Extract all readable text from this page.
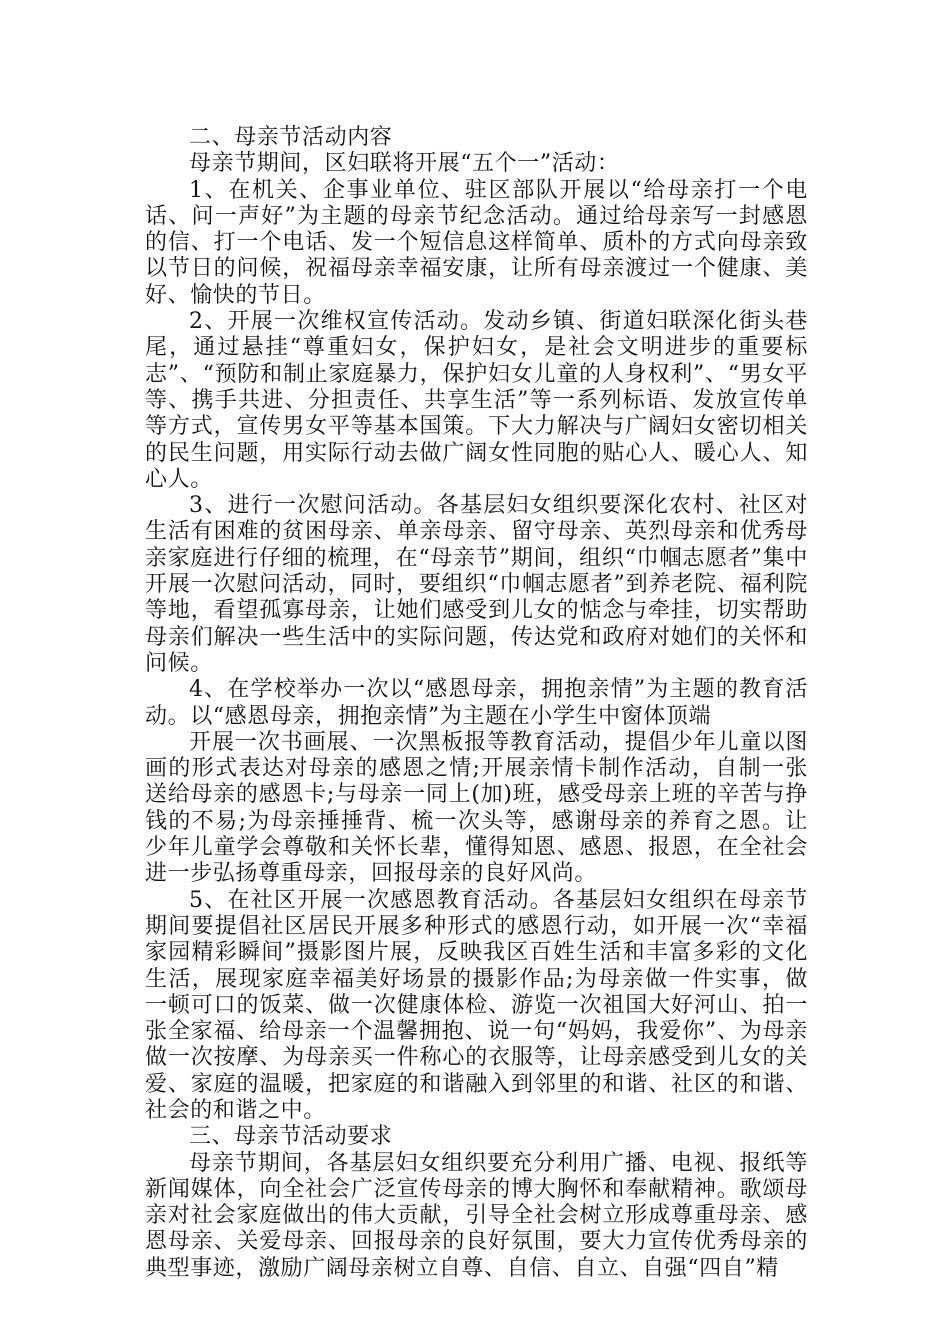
二、母亲节活动内容

母亲节期间，区妇联将开展“五个一”活动：

1、在机关、企事业单位、驻区部队开展以“给母亲打一个电话、问一声好”为主题的母亲节纪念活动。通过给母亲写一封感恩的信、打一个电话、发一个短信息这样简单、质朴的方式向母亲致以节日的问候，祝福母亲幸福安康，让所有母亲渡过一个健康、美好、愉快的节日。

2、开展一次维权宣传活动。发动乡镇、街道妇联深化街头巷尾，通过悬挂“尊重妇女，保护妇女，是社会文明进步的重要标志”、“预防和制止家庭暴力，保护妇女儿童的人身权利”、“男女平等、携手共进、分担责任、共享生活”等一系列标语、发放宣传单等方式，宣传男女平等基本国策。下大力解决与广阔妇女密切相关的民生问题，用实际行动去做广阔女性同胞的贴心人、暖心人、知心人。

3、进行一次慰问活动。各基层妇女组织要深化农村、社区对生活有困难的贫困母亲、单亲母亲、留守母亲、英烈母亲和优秀母亲家庭进行仔细的梳理，在“母亲节”期间，组织“巾帼志愿者”集中开展一次慰问活动，同时，要组织“巾帼志愿者”到养老院、福利院等地，看望孤寡母亲，让她们感受到儿女的惦念与牵挂，切实帮助母亲们解决一些生活中的实际问题，传达党和政府对她们的关怀和问候。

4、在学校举办一次以“感恩母亲，拥抱亲情”为主题的教育活动。以“感恩母亲，拥抱亲情”为主题在小学生中窗体顶端

开展一次书画展、一次黑板报等教育活动，提倡少年儿童以图画的形式表达对母亲的感恩之情;开展亲情卡制作活动，自制一张送给母亲的感恩卡;与母亲一同上(加)班，感受母亲上班的辛苦与挣钱的不易;为母亲捶捶背、梳一次头等，感谢母亲的养育之恩。让少年儿童学会尊敬和关怀长辈，懂得知恩、感恩、报恩，在全社会进一步弘扬尊重母亲，回报母亲的良好风尚。

5、在社区开展一次感恩教育活动。各基层妇女组织在母亲节期间要提倡社区居民开展多种形式的感恩行动，如开展一次“幸福家园精彩瞬间”摄影图片展，反映我区百姓生活和丰富多彩的文化生活，展现家庭幸福美好场景的摄影作品;为母亲做一件实事，做一顿可口的饭菜、做一次健康体检、游览一次祖国大好河山、拍一张全家福、给母亲一个温馨拥抱、说一句“妈妈，我爱你”、为母亲做一次按摩、为母亲买一件称心的衣服等，让母亲感受到儿女的关爱、家庭的温暖，把家庭的和谐融入到邻里的和谐、社区的和谐、社会的和谐之中。

三、母亲节活动要求

母亲节期间，各基层妇女组织要充分利用广播、电视、报纸等新闻媒体，向全社会广泛宣传母亲的博大胸怀和奉献精神。歌颂母亲对社会家庭做出的伟大贡献，引导全社会树立形成尊重母亲、感恩母亲、关爱母亲、回报母亲的良好氛围，要大力宣传优秀母亲的典型事迹，激励广阔母亲树立自尊、自信、自立、自强“四自”精
